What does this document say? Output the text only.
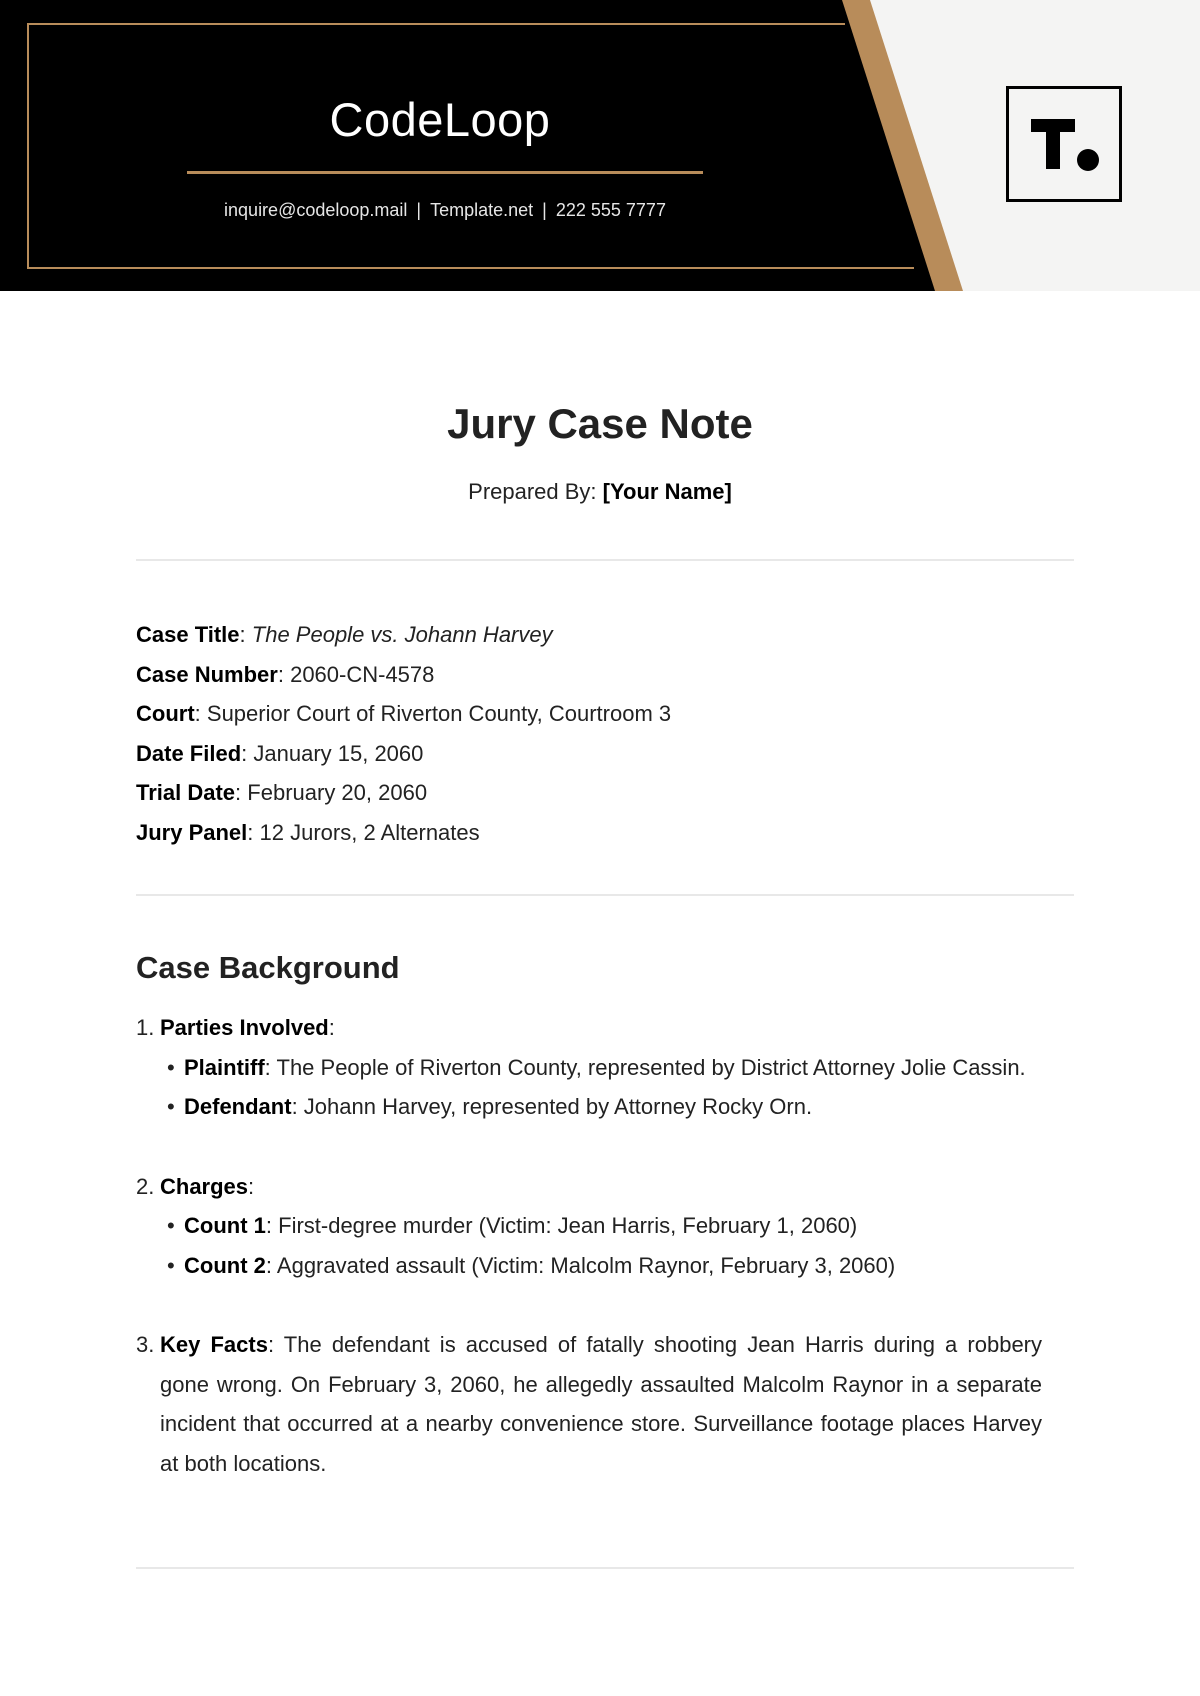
CodeLoop
inquire@codeloop.mail | Template.net | 222 555 7777
Jury Case Note
Prepared By: [Your Name]
Case Title: The People vs. Johann Harvey
Case Number: 2060-CN-4578
Court: Superior Court of Riverton County, Courtroom 3
Date Filed: January 15, 2060
Trial Date: February 20, 2060
Jury Panel: 12 Jurors, 2 Alternates
Case Background
1 . Parties Involved:
• Plaintiff: The People of Riverton County, represented by District Attorney Jolie Cassin.
• Defendant: Johann Harvey, represented by Attorney Rocky Orn.
2 . Charges:
• Count 1: First-degree murder (Victim: Jean Harris, February 1, 2060)
• Count 2: Aggravated assault (Victim: Malcolm Raynor, February 3, 2060)
3 . Key Facts: The defendant is accused of fatally shooting Jean Harris during a robbery gone wrong. On February 3, 2060, he allegedly assaulted Malcolm Raynor in a separate incident that occurred at a nearby convenience store. Surveillance footage places Harvey at both locations.
